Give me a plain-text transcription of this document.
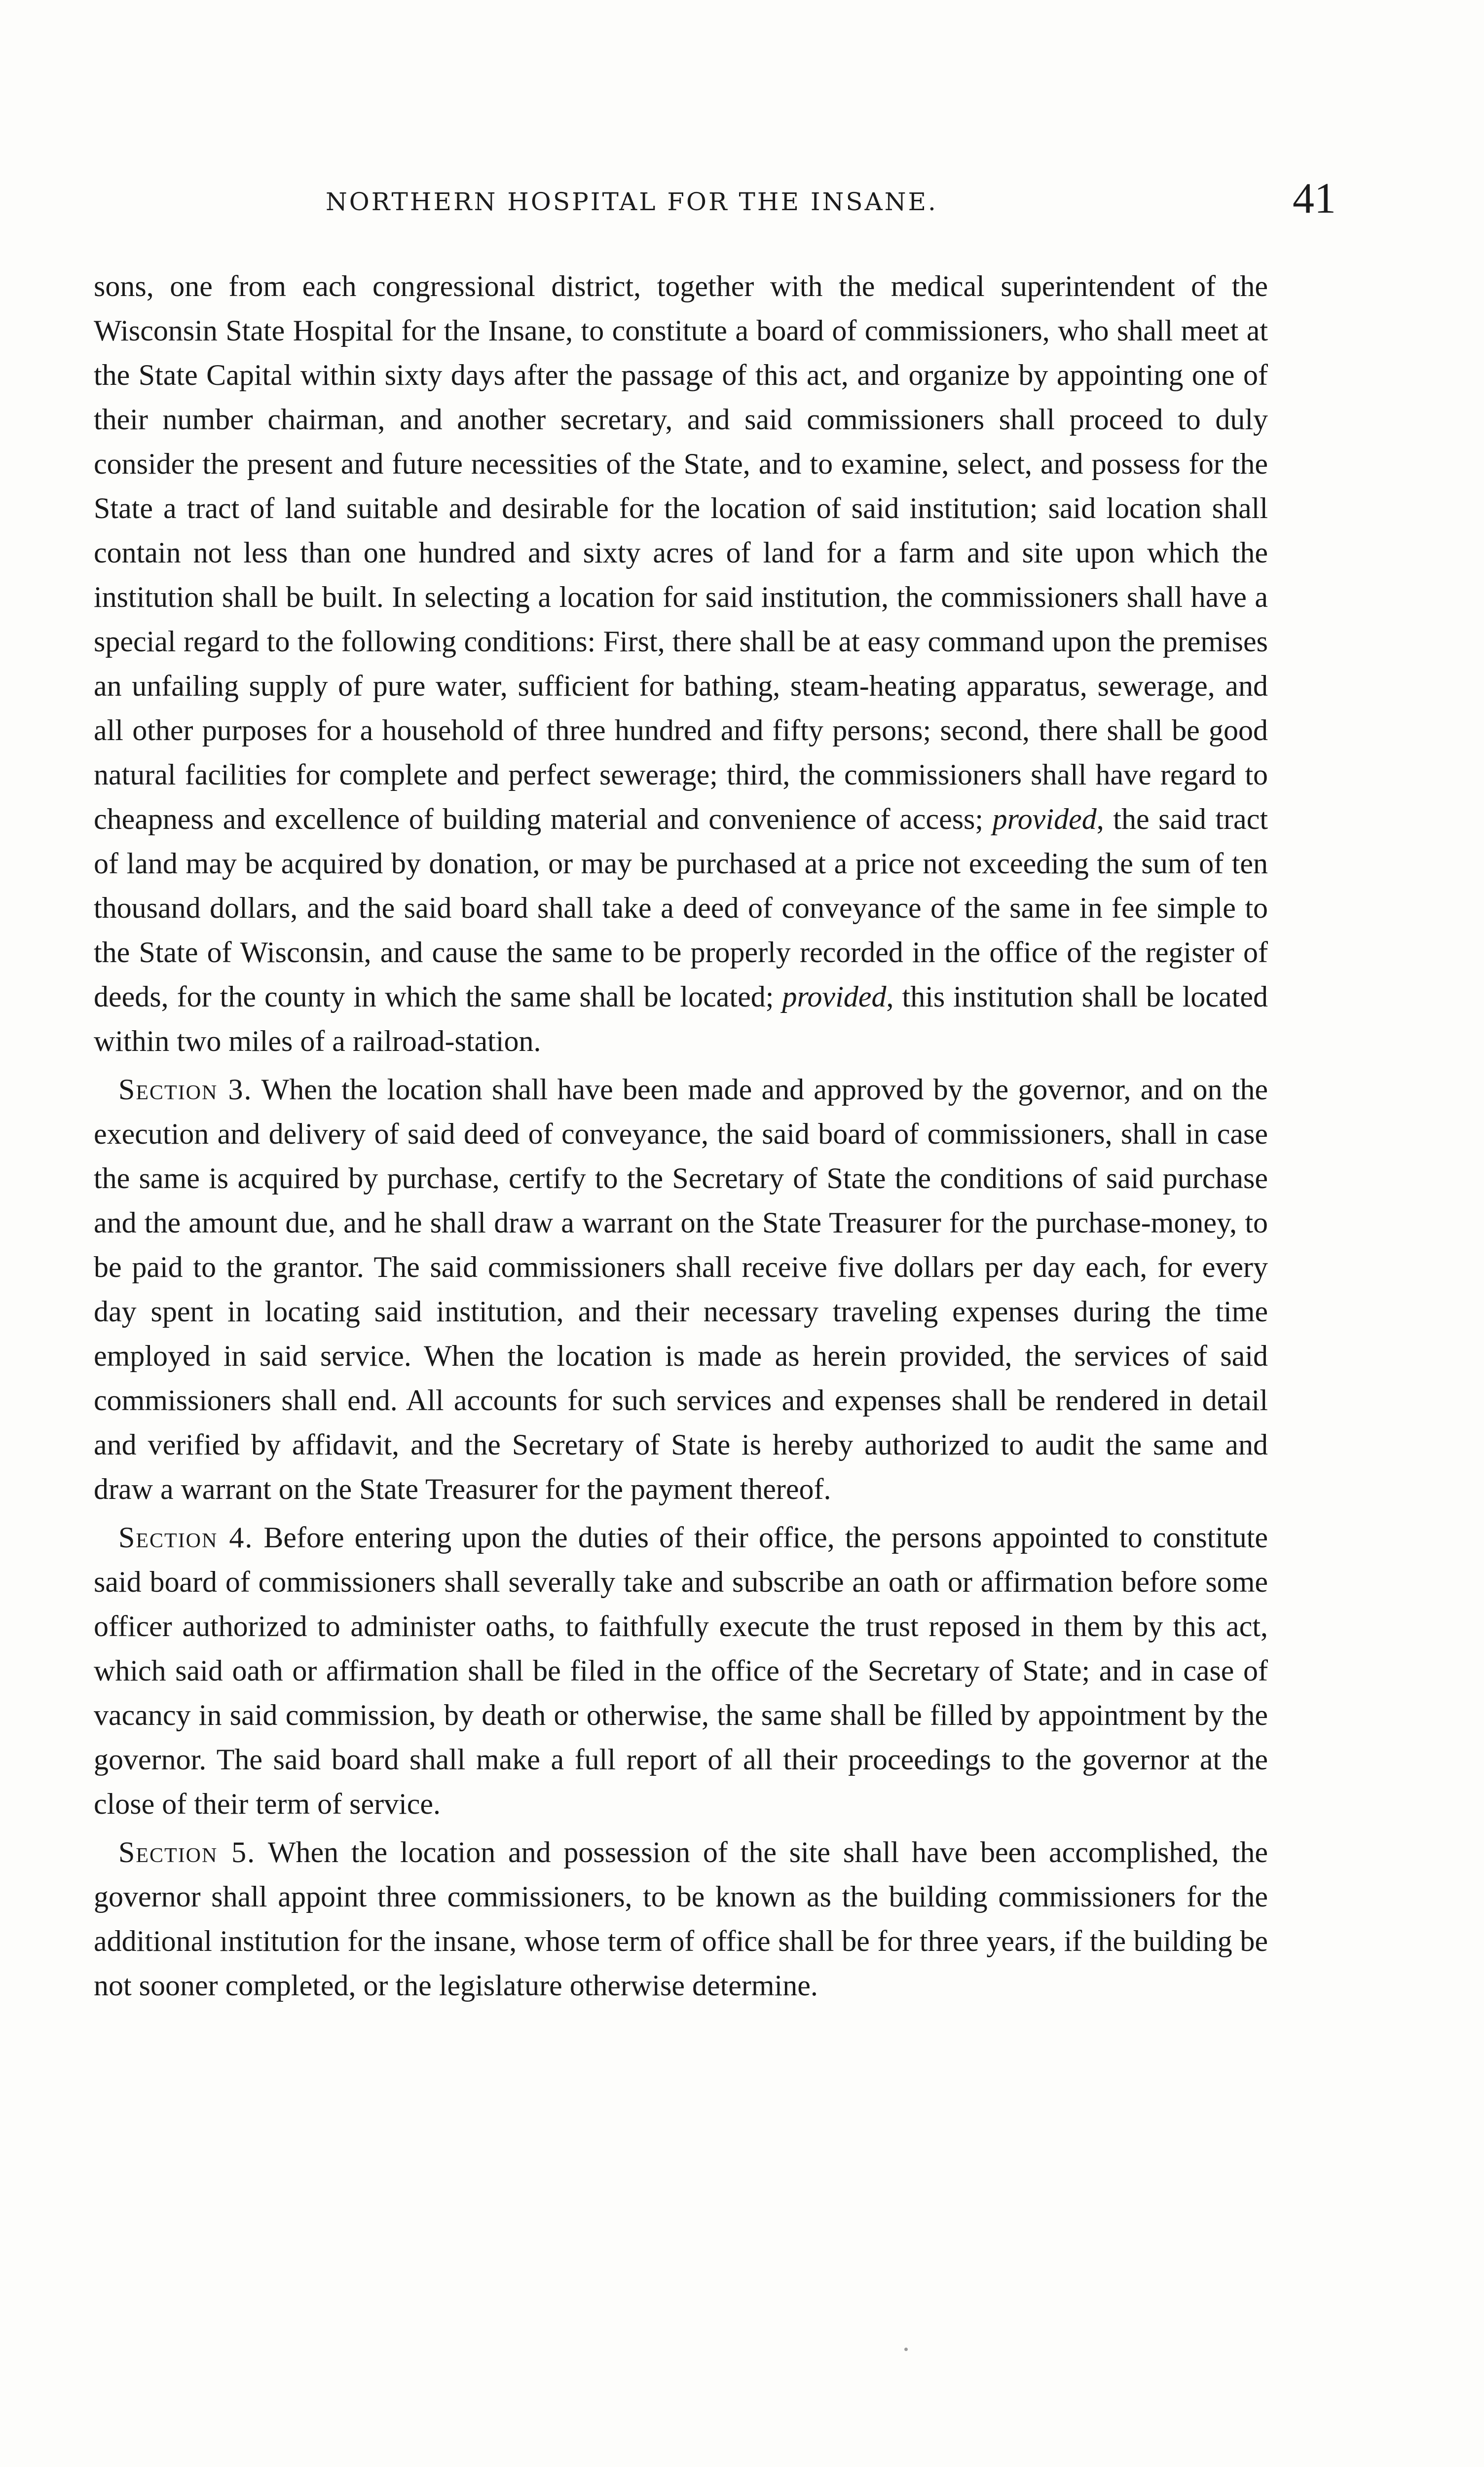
NORTHERN HOSPITAL FOR THE INSANE.	41

sons, one from each congressional district, together with the medical superintendent of the Wisconsin State Hospital for the Insane, to constitute a board of commissioners, who shall meet at the State Capital within sixty days after the passage of this act, and organize by appointing one of their number chairman, and another secretary, and said commissioners shall proceed to duly consider the present and future necessities of the State, and to examine, select, and possess for the State a tract of land suitable and desirable for the location of said institution; said location shall contain not less than one hundred and sixty acres of land for a farm and site upon which the institution shall be built. In selecting a location for said institution, the commissioners shall have a special regard to the following conditions: First, there shall be at easy command upon the premises an unfailing supply of pure water, sufficient for bathing, steam-heating apparatus, sewerage, and all other purposes for a household of three hundred and fifty persons; second, there shall be good natural facilities for complete and perfect sewerage; third, the commissioners shall have regard to cheapness and excellence of building material and convenience of access; provided, the said tract of land may be acquired by donation, or may be purchased at a price not exceeding the sum of ten thousand dollars, and the said board shall take a deed of conveyance of the same in fee simple to the State of Wisconsin, and cause the same to be properly recorded in the office of the register of deeds, for the county in which the same shall be located; provided, this institution shall be located within two miles of a railroad-station.

Section 3. When the location shall have been made and approved by the governor, and on the execution and delivery of said deed of conveyance, the said board of commissioners, shall in case the same is acquired by purchase, certify to the Secretary of State the conditions of said purchase and the amount due, and he shall draw a warrant on the State Treasurer for the purchase-money, to be paid to the grantor. The said commissioners shall receive five dollars per day each, for every day spent in locating said institution, and their necessary traveling expenses during the time employed in said service. When the location is made as herein provided, the services of said commissioners shall end. All accounts for such services and expenses shall be rendered in detail and verified by affidavit, and the Secretary of State is hereby authorized to audit the same and draw a warrant on the State Treasurer for the payment thereof.

Section 4. Before entering upon the duties of their office, the persons appointed to constitute said board of commissioners shall severally take and subscribe an oath or affirmation before some officer authorized to administer oaths, to faithfully execute the trust reposed in them by this act, which said oath or affirmation shall be filed in the office of the Secretary of State; and in case of vacancy in said commission, by death or otherwise, the same shall be filled by appointment by the governor. The said board shall make a full report of all their proceedings to the governor at the close of their term of service.

Section 5. When the location and possession of the site shall have been accomplished, the governor shall appoint three commissioners, to be known as the building commissioners for the additional institution for the insane, whose term of office shall be for three years, if the building be not sooner completed, or the legislature otherwise determine.
